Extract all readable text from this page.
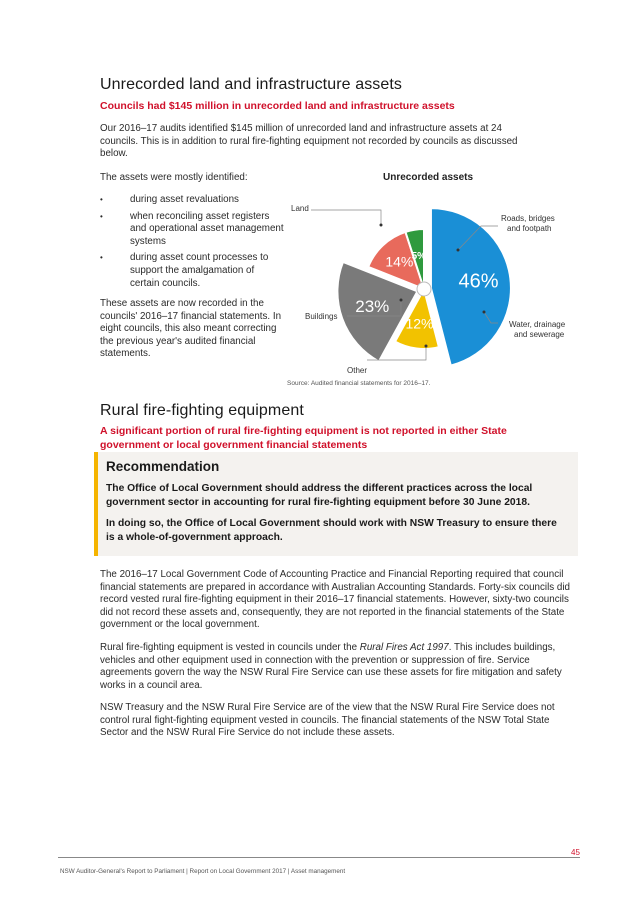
Unrecorded land and infrastructure assets
Councils had $145 million in unrecorded land and infrastructure assets

Our 2016–17 audits identified $145 million of unrecorded land and infrastructure assets at 24 councils. This is in addition to rural fire-fighting equipment not recorded by councils as discussed below.

The assets were mostly identified:

• during asset revaluations
• when reconciling asset registers and operational asset management systems
• during asset count processes to support the amalgamation of certain councils.

These assets are now recorded in the councils' 2016–17 financial statements. In eight councils, this also meant correcting the previous year's audited financial statements.

Unrecorded assets
46%
12%
23%
14%
5%
Land
Roads, bridges and footpath
Water, drainage and sewerage
Other
Buildings
Source: Audited financial statements for 2016–17.
Rural fire-fighting equipment
A significant portion of rural fire-fighting equipment is not reported in either State government or local government financial statements
Recommendation

The Office of Local Government should address the different practices across the local government sector in accounting for rural fire-fighting equipment before 30 June 2018.

In doing so, the Office of Local Government should work with NSW Treasury to ensure there is a whole-of-government approach.

The 2016–17 Local Government Code of Accounting Practice and Financial Reporting required that council financial statements are prepared in accordance with Australian Accounting Standards. Forty-six councils did record vested rural fire-fighting equipment in their 2016–17 financial statements. However, sixty-two councils did not record these assets and, consequently, they are not reported in the financial statements of the State government or the local government.

Rural fire-fighting equipment is vested in councils under the Rural Fires Act 1997. This includes buildings, vehicles and other equipment used in connection with the prevention or suppression of fire. Service agreements govern the way the NSW Rural Fire Service can use these assets for fire mitigation and safety works in a council area.

NSW Treasury and the NSW Rural Fire Service are of the view that the NSW Rural Fire Service does not control rural fight-fighting equipment vested in councils. The financial statements of the NSW Total State Sector and the NSW Rural Fire Service do not include these assets.

45
NSW Auditor-General's Report to Parliament | Report on Local Government 2017 | Asset management
